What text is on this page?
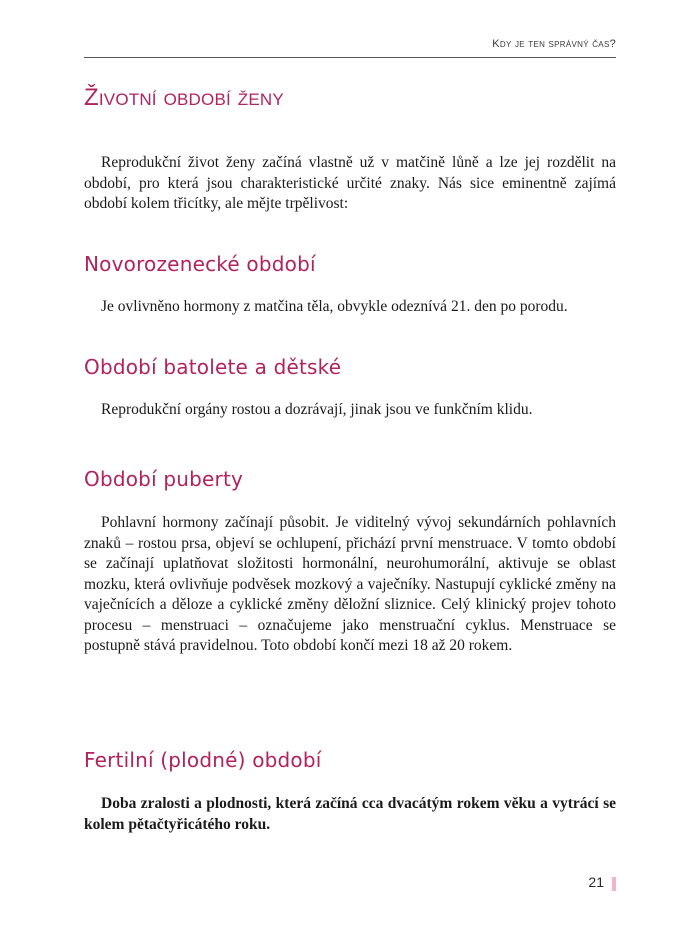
Kdy je ten správný čas?
Životní období ženy

Reprodukční život ženy začíná vlastně už v matčině lůně a lze jej rozdělit na období, pro která jsou charakteristické určité znaky. Nás sice eminentně zajímá období kolem třicítky, ale mějte trpělivost:

Novorozenecké období

Je ovlivněno hormony z matčina těla, obvykle odeznívá 21. den po porodu.

Období batolete a dětské

Reprodukční orgány rostou a dozrávají, jinak jsou ve funkčním klidu.

Období puberty

Pohlavní hormony začínají působit. Je viditelný vývoj sekundárních pohlavních znaků – rostou prsa, objeví se ochlupení, přichází první menstruace. V tomto období se začínají uplatňovat složitosti hormonální, neurohumorální, aktivuje se oblast mozku, která ovlivňuje podvěsek mozkový a vaječníky. Nastupují cyklické změny na vaječnících a děloze a cyklické změny děložní sliznice. Celý klinický projev tohoto procesu – menstruaci – označujeme jako menstruační cyklus. Menstruace se postupně stává pravidelnou. Toto období končí mezi 18 až 20 rokem.

Fertilní (plodné) období

Doba zralosti a plodnosti, která začíná cca dvacátým rokem věku a vytrácí se kolem pětačtyřicátého roku.

21
